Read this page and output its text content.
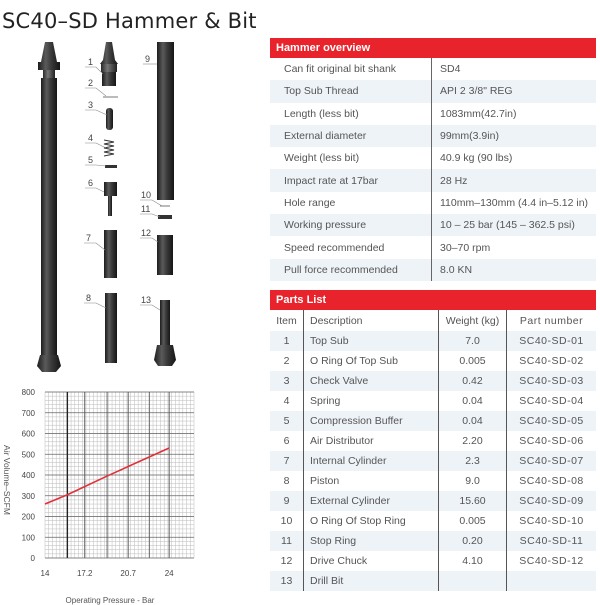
SC40–SD Hammer & Bit
1
2
3
4
5
6
7
8
9
10
11
12
13
Hammer overview	
Can fit original bit shank	SD4
Top Sub Thread	API 2 3/8" REG
Length (less bit)	1083mm(42.7in)
External diameter	99mm(3.9in)
Weight (less bit)	40.9 kg (90 lbs)
Impact rate at 17bar	28 Hz
Hole range	110mm–130mm (4.4 in–5.12 in)
Working pressure	10 – 25 bar (145 – 362.5 psi)
Speed recommended	30–70 rpm
Pull force recommended	8.0 KN
Parts List			
Item	Description	Weight (kg)	Part number
1	Top Sub	7.0	SC40-SD-01
2	O Ring Of Top Sub	0.005	SC40-SD-02
3	Check Valve	0.42	SC40-SD-03
4	Spring	0.04	SC40-SD-04
5	Compression Buffer	0.04	SC40-SD-05
6	Air Distributor	2.20	SC40-SD-06
7	Internal Cylinder	2.3	SC40-SD-07
8	Piston	9.0	SC40-SD-08
9	External Cylinder	15.60	SC40-SD-09
10	O Ring Of Stop Ring	0.005	SC40-SD-10
11	Stop Ring	0.20	SC40-SD-11
12	Drive Chuck	4.10	SC40-SD-12
13	Drill Bit		
Air Volume–SCFM
0
100
200
300
400
500
600
700
800
14	17.2	20.7	24
Operating Pressure - Bar
